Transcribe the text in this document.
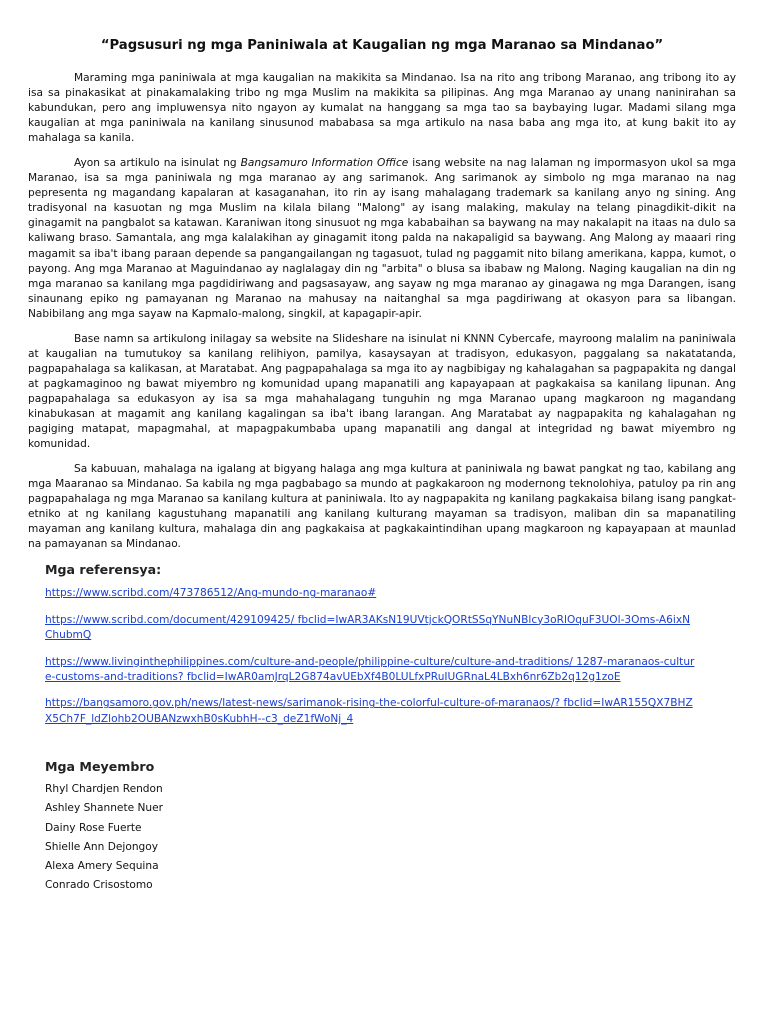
“Pagsusuri ng mga Paniniwala at Kaugalian ng mga Maranao sa Mindanao”

Maraming mga paniniwala at mga kaugalian na makikita sa Mindanao. Isa na rito ang tribong Maranao, ang tribong ito ay isa sa pinakasikat at pinakamalaking tribo ng mga Muslim na makikita sa pilipinas. Ang mga Maranao ay unang naninirahan sa kabundukan, pero ang impluwensya nito ngayon ay kumalat na hanggang sa mga tao sa baybaying lugar. Madami silang mga kaugalian at mga paniniwala na kanilang sinusunod mababasa sa mga artikulo na nasa baba ang mga ito, at kung bakit ito ay mahalaga sa kanila.

Ayon sa artikulo na isinulat ng Bangsamuro Information Office isang website na nag lalaman ng impormasyon ukol sa mga Maranao, isa sa mga paniniwala ng mga maranao ay ang sarimanok. Ang sarimanok ay simbolo ng mga maranao na nag pepresenta ng magandang kapalaran at kasaganahan, ito rin ay isang mahalagang trademark sa kanilang anyo ng sining. Ang tradisyonal na kasuotan ng mga Muslim na kilala bilang "Malong" ay isang malaking, makulay na telang pinagdikit-dikit na ginagamit na pangbalot sa katawan. Karaniwan itong sinusuot ng mga kababaihan sa baywang na may nakalapit na itaas na dulo sa kaliwang braso. Samantala, ang mga kalalakihan ay ginagamit itong palda na nakapaligid sa baywang. Ang Malong ay maaari ring magamit sa iba't ibang paraan depende sa pangangailangan ng tagasuot, tulad ng paggamit nito bilang amerikana, kappa, kumot, o payong. Ang mga Maranao at Maguindanao ay naglalagay din ng "arbita" o blusa sa ibabaw ng Malong. Naging kaugalian na din ng mga maranao sa kanilang mga pagdidiriwang and pagsasayaw, ang sayaw ng mga maranao ay ginagawa ng mga Darangen, isang sinaunang epiko ng pamayanan ng Maranao na mahusay na naitanghal sa mga pagdiriwang at okasyon para sa libangan. Nabibilang ang mga sayaw na Kapmalo-malong, singkil, at kapagapir-apir.

Base namn sa artikulong inilagay sa website na Slideshare na isinulat ni KNNN Cybercafe, mayroong malalim na paniniwala at kaugalian na tumutukoy sa kanilang relihiyon, pamilya, kasaysayan at tradisyon, edukasyon, paggalang sa nakatatanda, pagpapahalaga sa kalikasan, at Maratabat. Ang pagpapahalaga sa mga ito ay nagbibigay ng kahalagahan sa pagpapakita ng dangal at pagkamaginoo ng bawat miyembro ng komunidad upang mapanatili ang kapayapaan at pagkakaisa sa kanilang lipunan. Ang pagpapahalaga sa edukasyon ay isa sa mga mahahalagang tunguhin ng mga Maranao upang magkaroon ng magandang kinabukasan at magamit ang kanilang kagalingan sa iba't ibang larangan. Ang Maratabat ay nagpapakita ng kahalagahan ng pagiging matapat, mapagmahal, at mapagpakumbaba upang mapanatili ang dangal at integridad ng bawat miyembro ng komunidad.

Sa kabuuan, mahalaga na igalang at bigyang halaga ang mga kultura at paniniwala ng bawat pangkat ng tao, kabilang ang mga Maaranao sa Mindanao. Sa kabila ng mga pagbabago sa mundo at pagkakaroon ng modernong teknolohiya, patuloy pa rin ang pagpapahalaga ng mga Maranao sa kanilang kultura at paniniwala. Ito ay nagpapakita ng kanilang pagkakaisa bilang isang pangkat-etniko at ng kanilang kagustuhang mapanatili ang kanilang kulturang mayaman sa tradisyon, maliban din sa mapanatiling mayaman ang kanilang kultura, mahalaga din ang pagkakaisa at pagkakaintindihan upang magkaroon ng kapayapaan at maunlad na pamayanan sa Mindanao.

Mga referensya:
https://www.scribd.com/473786512/Ang-mundo-ng-maranao#
https://www.scribd.com/document/429109425/ fbclid=IwAR3AKsN19UVtjckQORtSSqYNuNBlcy3oRlOquF3UOl-3Oms-A6ixNChubmQ
https://www.livinginthephilippines.com/culture-and-people/philippine-culture/culture-and-traditions/ 1287-maranaos-culture-customs-and-traditions? fbclid=IwAR0amJrqL2G874avUEbXf4B0LULfxPRuIUGRnaL4LBxh6nr6Zb2q12g1zoE
https://bangsamoro.gov.ph/news/latest-news/sarimanok-rising-the-colorful-culture-of-maranaos/? fbclid=IwAR155QX7BHZX5Ch7F_ldZlohb2OUBANzwxhB0sKubhH--c3_deZ1fWoNj_4
Mga Meyembro
Rhyl Chardjen Rendon
Ashley Shannete Nuer
Dainy Rose Fuerte
Shielle Ann Dejongoy
Alexa Amery Sequina
Conrado Crisostomo
